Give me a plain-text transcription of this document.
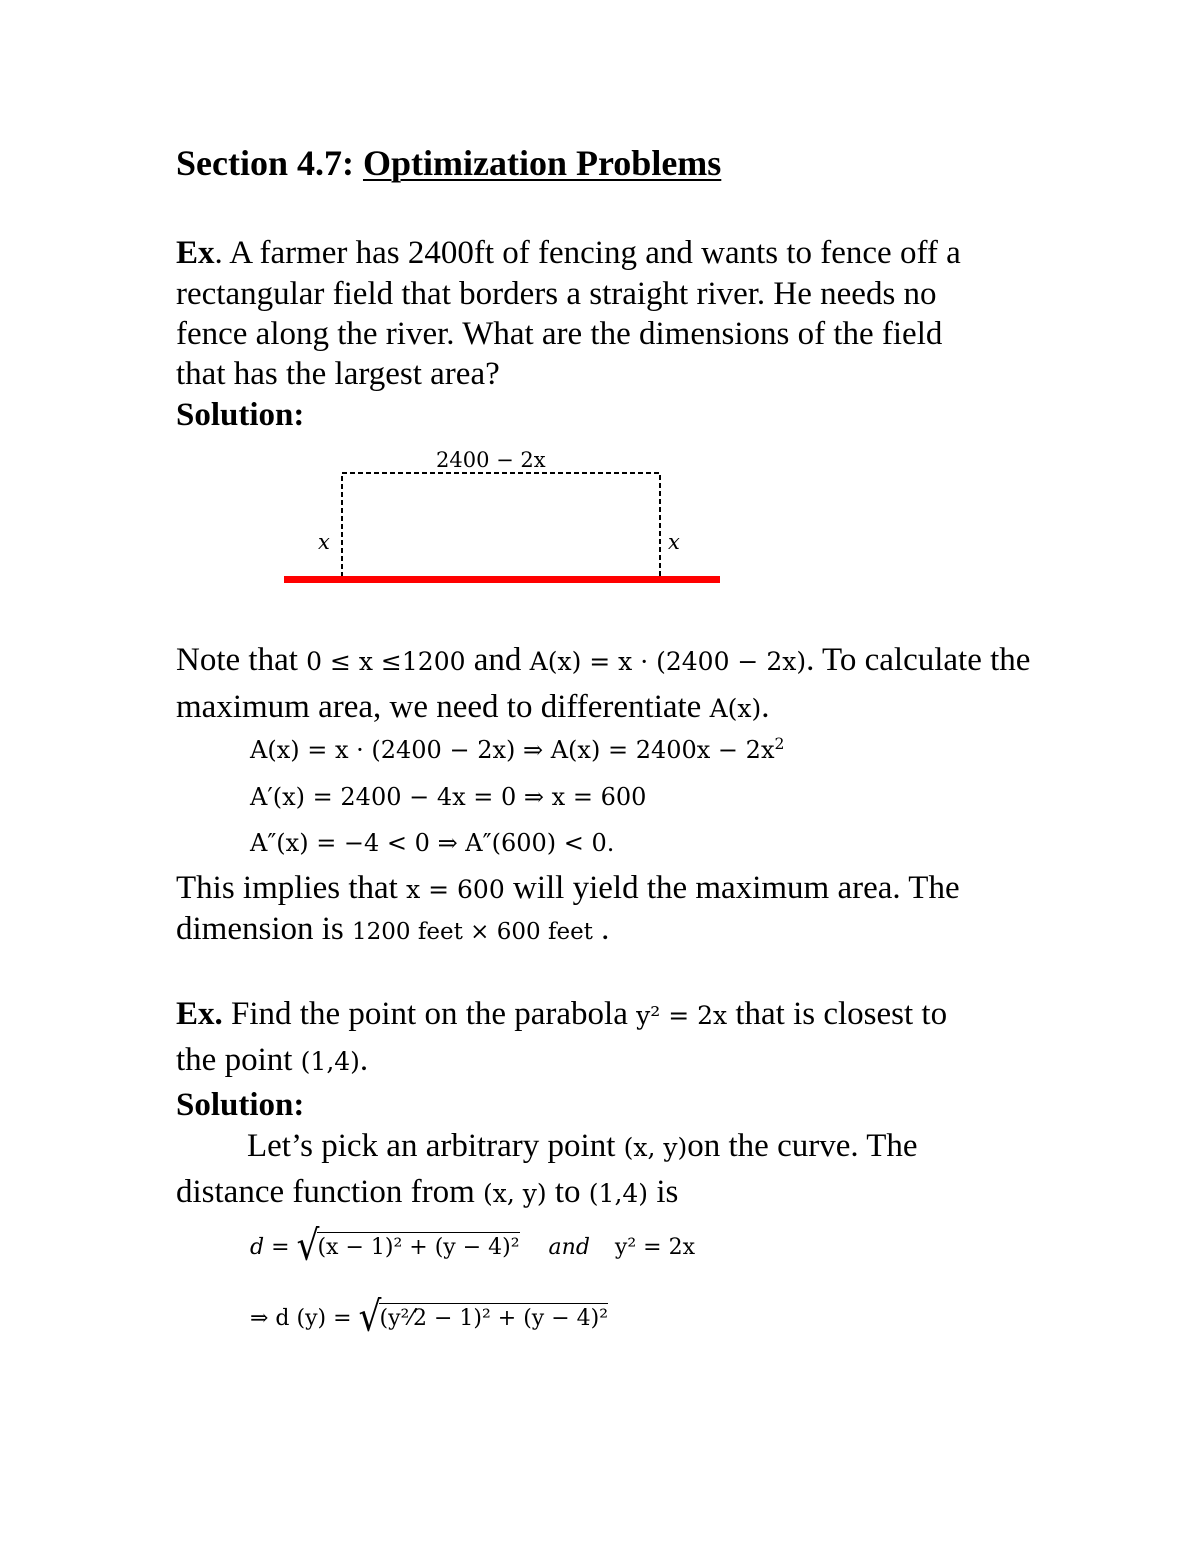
Section 4.7: Optimization Problems
Ex. A farmer has 2400ft of fencing and wants to fence off a
rectangular field that borders a straight river. He needs no
fence along the river. What are the dimensions of the field
that has the largest area?
Solution:
2400 − 2x
x	x
Note that 0 ≤ x ≤1200 and A(x) = x · (2400 − 2x). To calculate the
maximum area, we need to differentiate A(x).
A(x) = x · (2400 − 2x) ⇒ $A(x) = 2400x - 2x^2$
A′(x) = 2400 − 4x = 0 ⇒ x = 600
A″(x) = −4 < 0 ⇒ A″(600) < 0.
This implies that x = 600 will yield the maximum area. The
dimension is 1200 feet × 600 feet .
Ex. Find the point on the parabola y² = 2x that is closest to
the point (1,4).
Solution:
Let’s pick an arbitrary point (x, y)on the curve. The
distance function from (x, y) to (1,4) is
d = √(x − 1)² + (y − 4)² and y² = 2x
⇒ d (y) = √(y²⁄2 − 1)² + (y − 4)²
